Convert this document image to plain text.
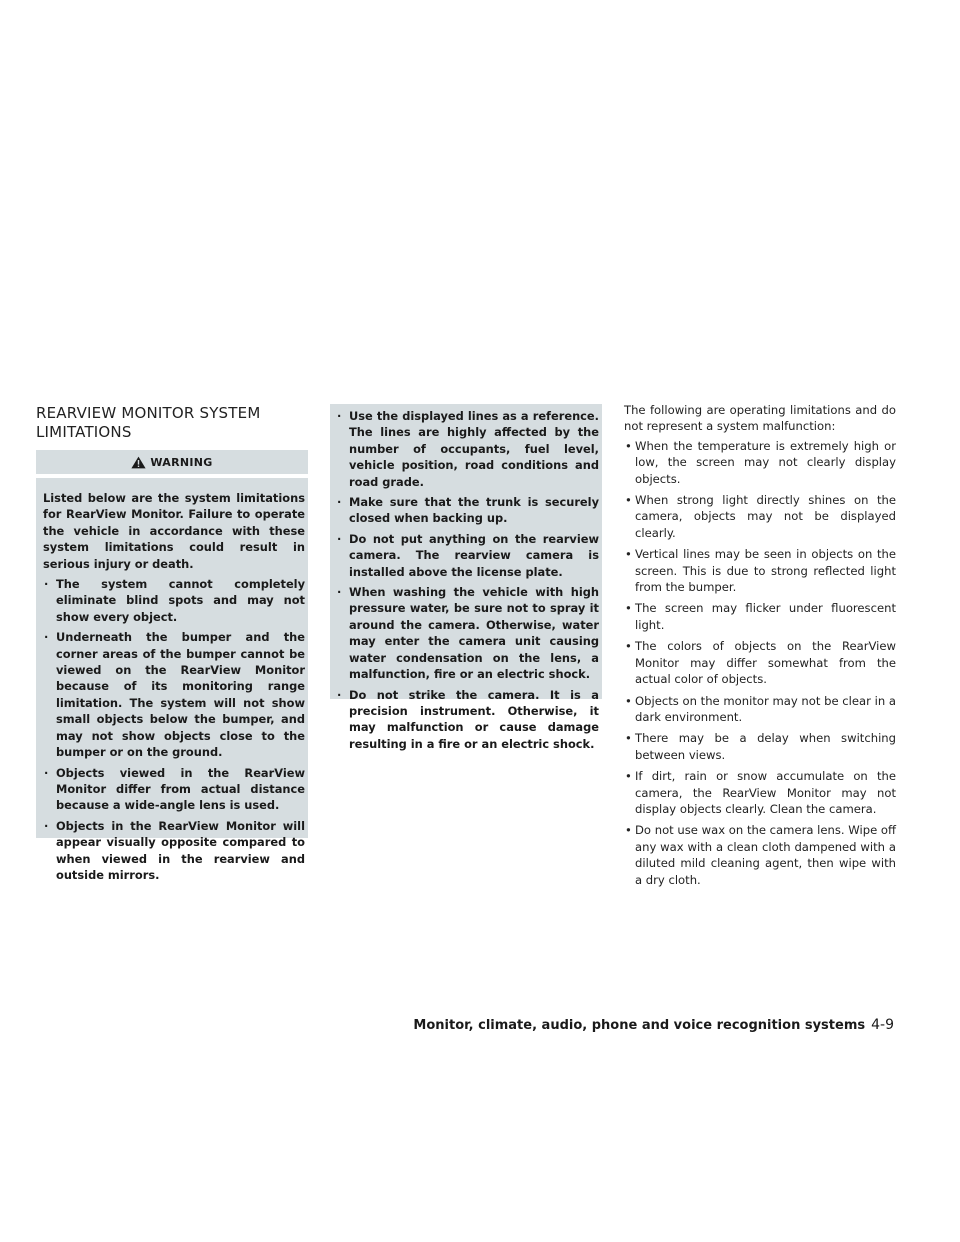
REARVIEW MONITOR SYSTEM LIMITATIONS
WARNING

Listed below are the system limitations for RearView Monitor. Failure to operate the vehicle in accordance with these system limitations could result in serious injury or death.

· The system cannot completely eliminate blind spots and may not show every object.
· Underneath the bumper and the corner areas of the bumper cannot be viewed on the RearView Monitor because of its monitoring range limitation. The system will not show small objects below the bumper, and may not show objects close to the bumper or on the ground.
· Objects viewed in the RearView Monitor differ from actual distance because a wide-angle lens is used.
· Objects in the RearView Monitor will appear visually opposite compared to when viewed in the rearview and outside mirrors.
· Use the displayed lines as a reference. The lines are highly affected by the number of occupants, fuel level, vehicle position, road conditions and road grade.
· Make sure that the trunk is securely closed when backing up.
· Do not put anything on the rearview camera. The rearview camera is installed above the license plate.
· When washing the vehicle with high pressure water, be sure not to spray it around the camera. Otherwise, water may enter the camera unit causing water condensation on the lens, a malfunction, fire or an electric shock.
· Do not strike the camera. It is a precision instrument. Otherwise, it may malfunction or cause damage resulting in a fire or an electric shock.

The following are operating limitations and do not represent a system malfunction:

• When the temperature is extremely high or low, the screen may not clearly display objects.
• When strong light directly shines on the camera, objects may not be displayed clearly.
• Vertical lines may be seen in objects on the screen. This is due to strong reflected light from the bumper.
• The screen may flicker under fluorescent light.
• The colors of objects on the RearView Monitor may differ somewhat from the actual color of objects.
• Objects on the monitor may not be clear in a dark environment.
• There may be a delay when switching between views.
• If dirt, rain or snow accumulate on the camera, the RearView Monitor may not display objects clearly. Clean the camera.
• Do not use wax on the camera lens. Wipe off any wax with a clean cloth dampened with a diluted mild cleaning agent, then wipe with a dry cloth.
Monitor, climate, audio, phone and voice recognition systems 4-9
